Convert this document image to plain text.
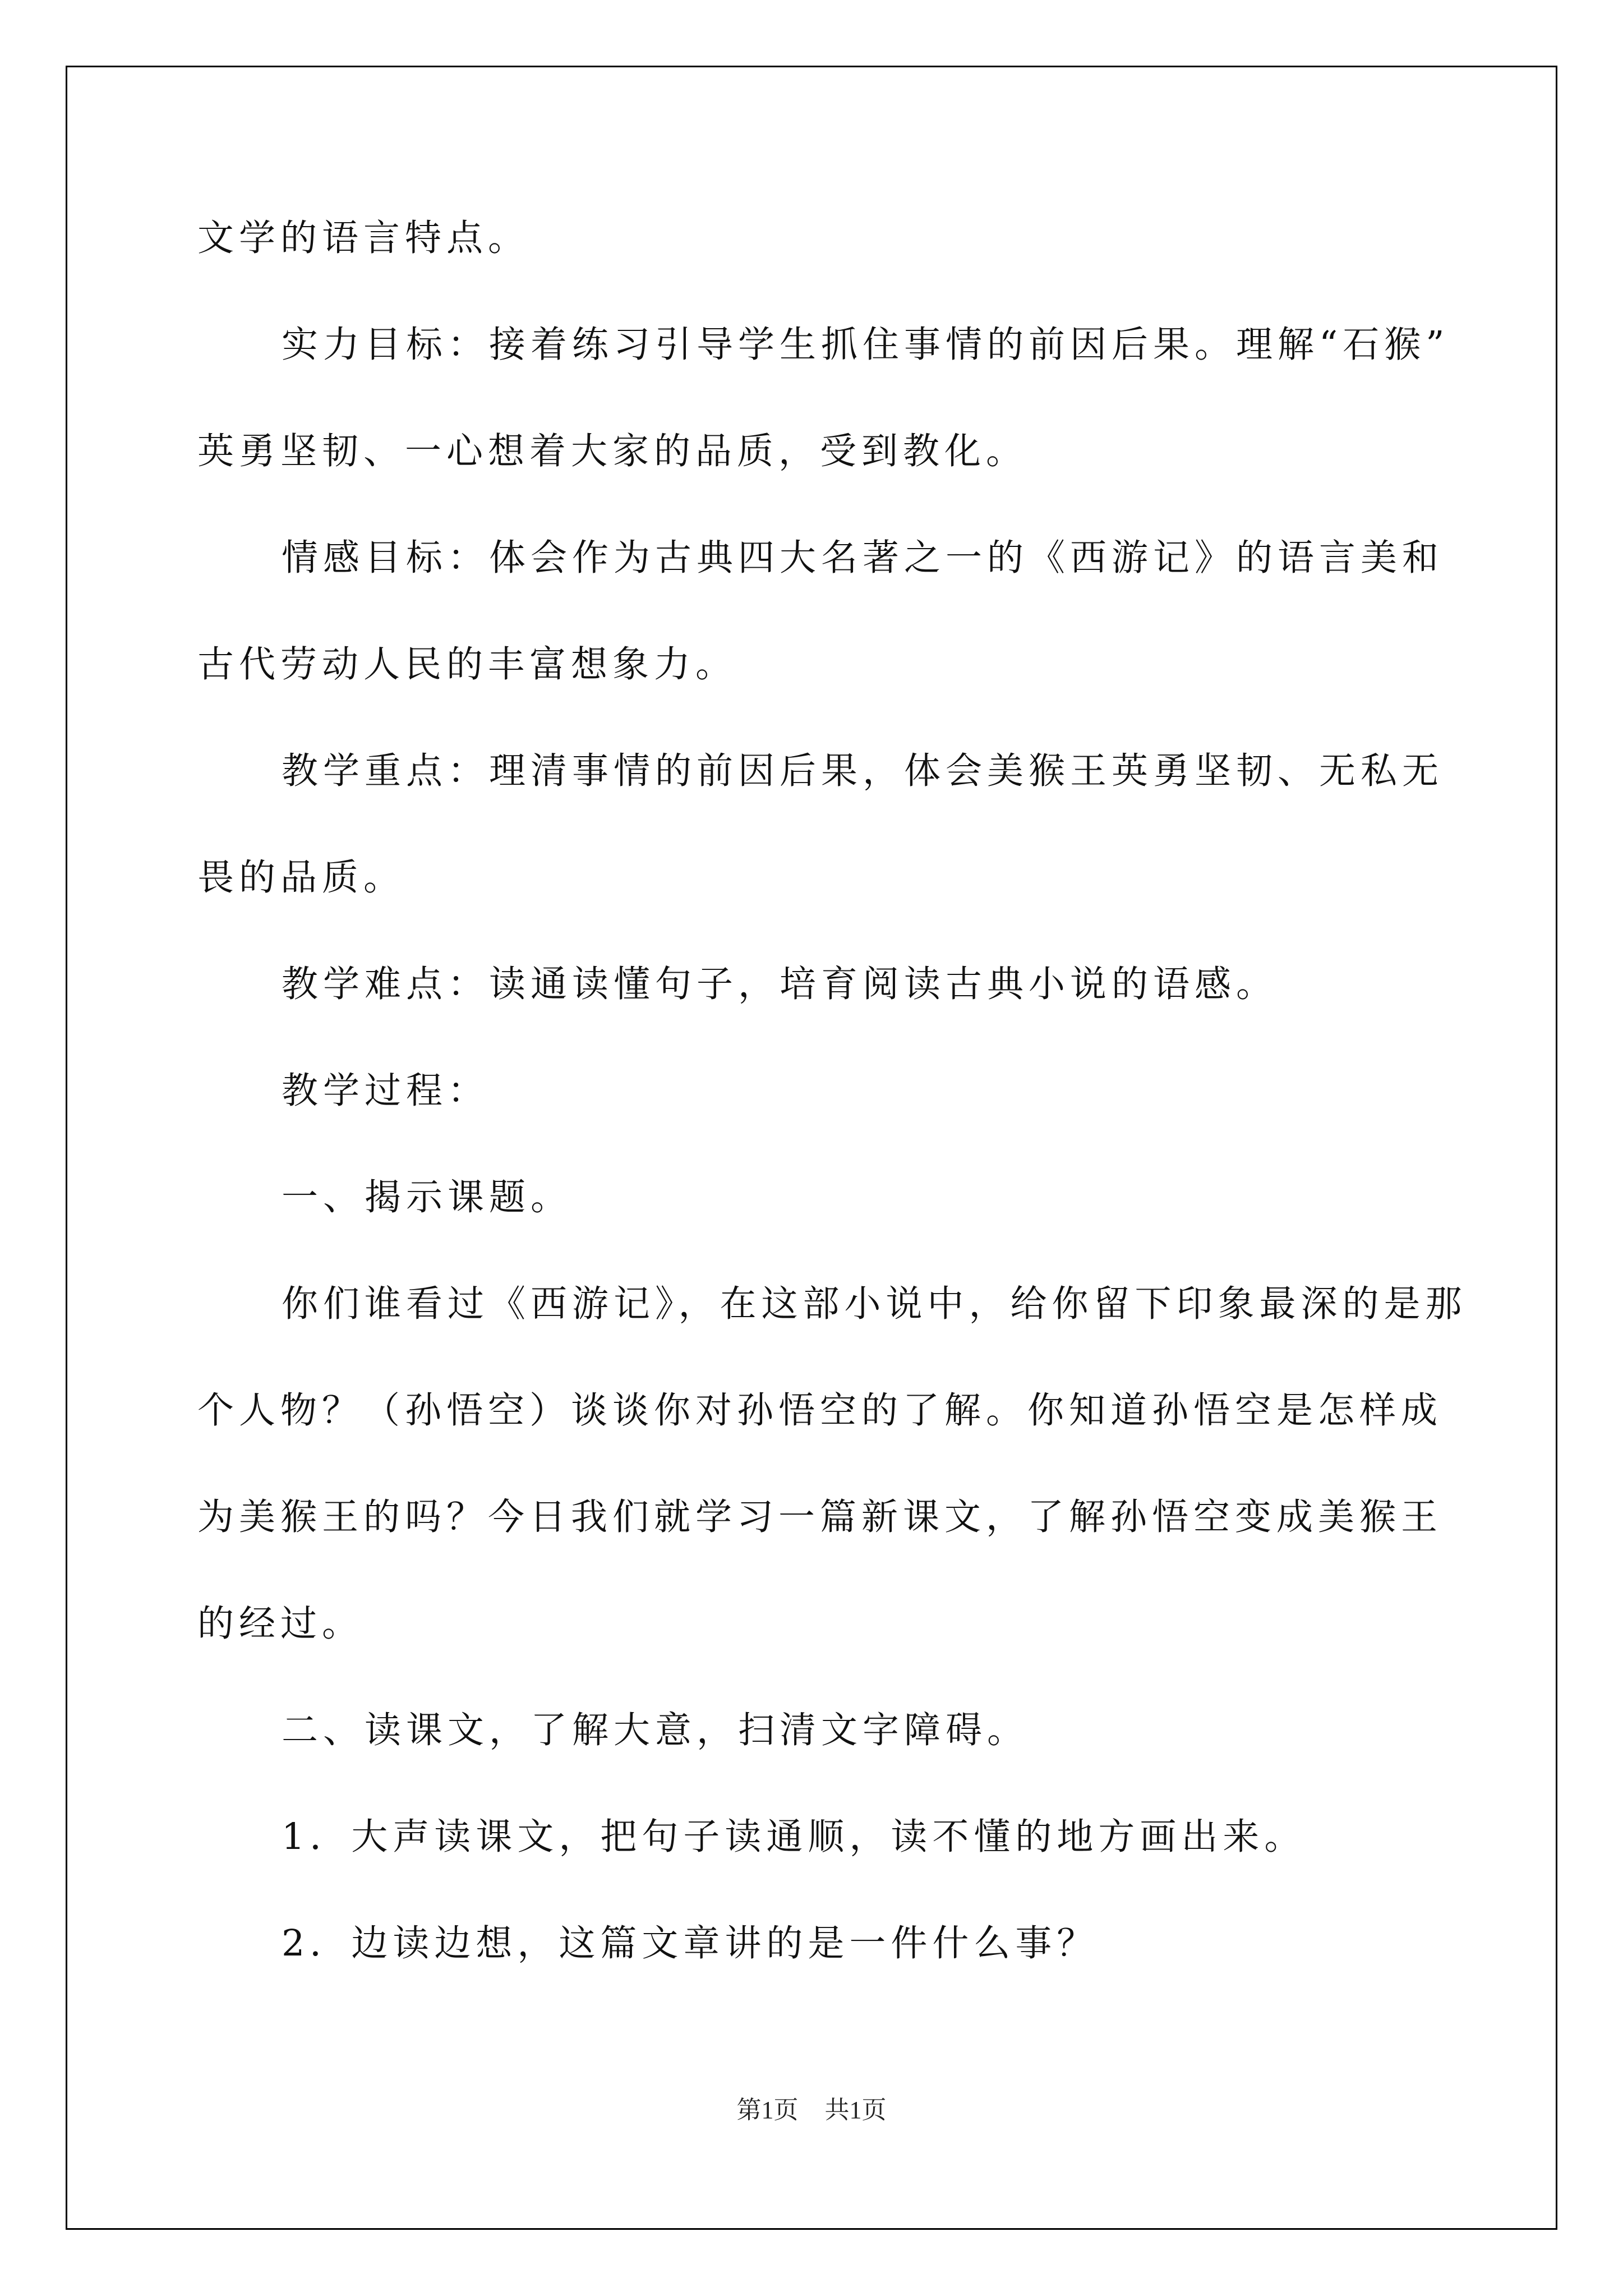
文学的语言特点。
实力目标：接着练习引导学生抓住事情的前因后果。理解“石猴”
英勇坚韧、一心想着大家的品质，受到教化。
情感目标：体会作为古典四大名著之一的《西游记》的语言美和
古代劳动人民的丰富想象力。
教学重点：理清事情的前因后果，体会美猴王英勇坚韧、无私无
畏的品质。
教学难点：读通读懂句子，培育阅读古典小说的语感。
教学过程：
一、揭示课题。
你们谁看过《西游记》，在这部小说中，给你留下印象最深的是那
个人物？（孙悟空）谈谈你对孙悟空的了解。你知道孙悟空是怎样成
为美猴王的吗？今日我们就学习一篇新课文，了解孙悟空变成美猴王
的经过。
二、读课文，了解大意，扫清文字障碍。
1．大声读课文，把句子读通顺，读不懂的地方画出来。
2．边读边想，这篇文章讲的是一件什么事？
第1页 共1页
